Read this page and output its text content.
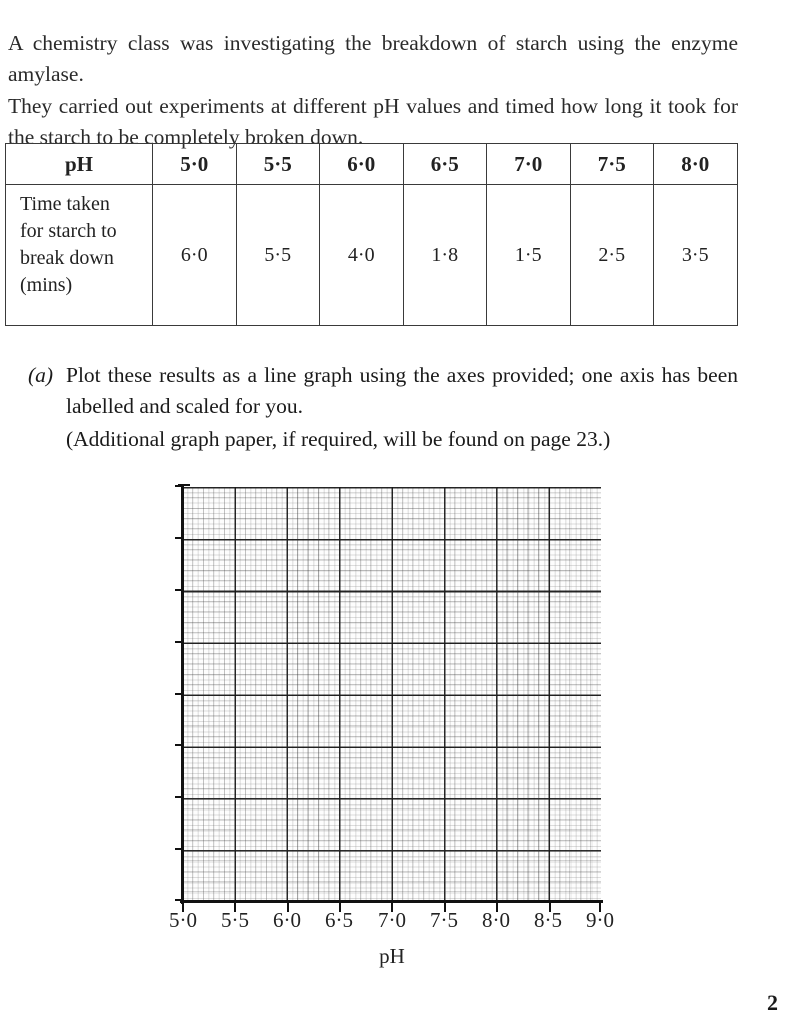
A chemistry class was investigating the breakdown of starch using the enzyme amylase.

They carried out experiments at different pH values and timed how long it took for the starch to be completely broken down.

pH	5·0	5·5	6·0	6·5	7·0	7·5	8·0

Time taken
for starch to
break down
(mins)	6·0	5·5	4·0	1·8	1·5	2·5	3·5
(a) Plot these results as a line graph using the axes provided; one axis has been labelled and scaled for you.
(Additional graph paper, if required, will be found on page 23.)
5·0 5·5 6·0 6·5 7·0 7·5 8·0 8·5 9·0
pH
2
